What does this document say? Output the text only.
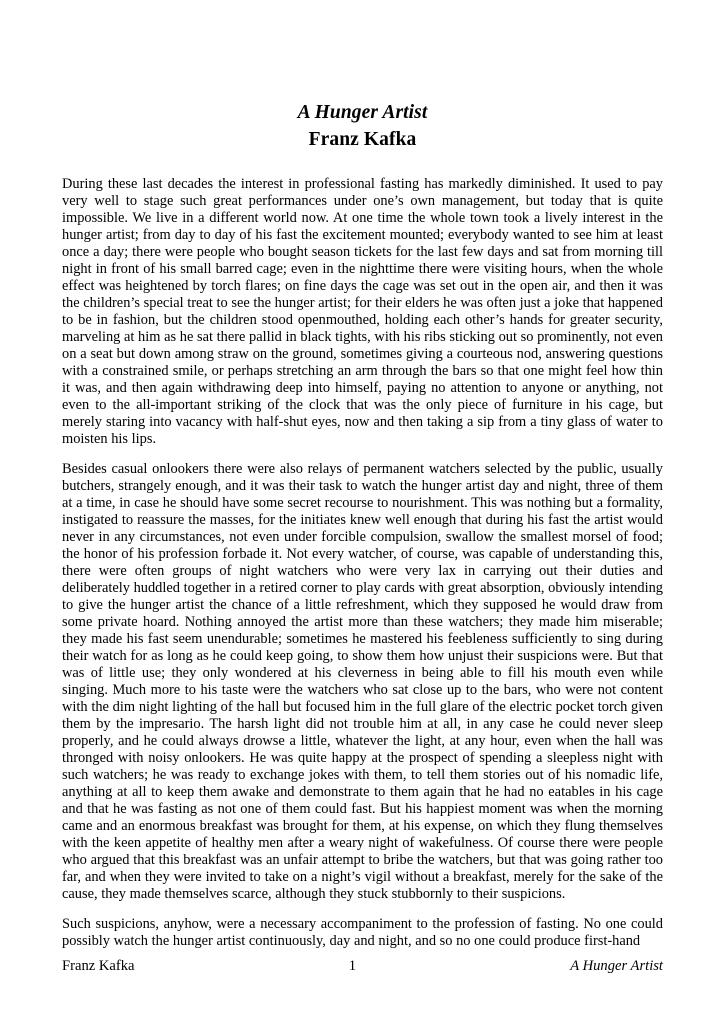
A Hunger Artist
Franz Kafka

During these last decades the interest in professional fasting has markedly diminished. It used to pay very well to stage such great performances under one’s own management, but today that is quite impossible. We live in a different world now. At one time the whole town took a lively interest in the hunger artist; from day to day of his fast the excitement mounted; everybody wanted to see him at least once a day; there were people who bought season tickets for the last few days and sat from morning till night in front of his small barred cage; even in the nighttime there were visiting hours, when the whole effect was heightened by torch flares; on fine days the cage was set out in the open air, and then it was the children’s special treat to see the hunger artist; for their elders he was often just a joke that happened to be in fashion, but the children stood openmouthed, holding each other’s hands for greater security, marveling at him as he sat there pallid in black tights, with his ribs sticking out so prominently, not even on a seat but down among straw on the ground, sometimes giving a courteous nod, answering questions with a constrained smile, or perhaps stretching an arm through the bars so that one might feel how thin it was, and then again withdrawing deep into himself, paying no attention to anyone or anything, not even to the all-important striking of the clock that was the only piece of furniture in his cage, but merely staring into vacancy with half-shut eyes, now and then taking a sip from a tiny glass of water to moisten his lips.

Besides casual onlookers there were also relays of permanent watchers selected by the public, usually butchers, strangely enough, and it was their task to watch the hunger artist day and night, three of them at a time, in case he should have some secret recourse to nourishment. This was nothing but a formality, instigated to reassure the masses, for the initiates knew well enough that during his fast the artist would never in any circumstances, not even under forcible compulsion, swallow the smallest morsel of food; the honor of his profession forbade it. Not every watcher, of course, was capable of understanding this, there were often groups of night watchers who were very lax in carrying out their duties and deliberately huddled together in a retired corner to play cards with great absorption, obviously intending to give the hunger artist the chance of a little refreshment, which they supposed he would draw from some private hoard. Nothing annoyed the artist more than these watchers; they made him miserable; they made his fast seem unendurable; sometimes he mastered his feebleness sufficiently to sing during their watch for as long as he could keep going, to show them how unjust their suspicions were. But that was of little use; they only wondered at his cleverness in being able to fill his mouth even while singing. Much more to his taste were the watchers who sat close up to the bars, who were not content with the dim night lighting of the hall but focused him in the full glare of the electric pocket torch given them by the impresario. The harsh light did not trouble him at all, in any case he could never sleep properly, and he could always drowse a little, whatever the light, at any hour, even when the hall was thronged with noisy onlookers. He was quite happy at the prospect of spending a sleepless night with such watchers; he was ready to exchange jokes with them, to tell them stories out of his nomadic life, anything at all to keep them awake and demonstrate to them again that he had no eatables in his cage and that he was fasting as not one of them could fast. But his happiest moment was when the morning came and an enormous breakfast was brought for them, at his expense, on which they flung themselves with the keen appetite of healthy men after a weary night of wakefulness. Of course there were people who argued that this breakfast was an unfair attempt to bribe the watchers, but that was going rather too far, and when they were invited to take on a night’s vigil without a breakfast, merely for the sake of the cause, they made themselves scarce, although they stuck stubbornly to their suspicions.

Such suspicions, anyhow, were a necessary accompaniment to the profession of fasting. No one could possibly watch the hunger artist continuously, day and night, and so no one could produce first-hand

Franz Kafka	1	A Hunger Artist
